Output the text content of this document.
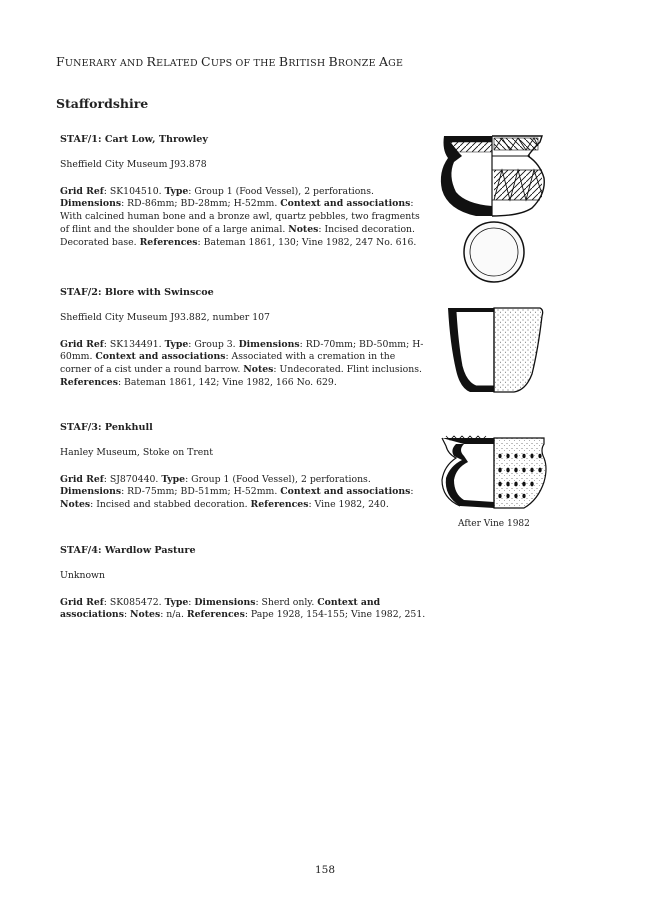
FUNERARY AND RELATED CUPS OF THE BRITISH BRONZE AGE
Staffordshire
STAF/1: Cart Low, Throwley
Sheffield City Museum J93.878
Grid Ref: SK104510. Type: Group 1 (Food Vessel), 2 perforations. Dimensions: RD-86mm; BD-28mm; H-52mm. Context and associations: With calcined human bone and a bronze awl, quartz pebbles, two fragments of flint and the shoulder bone of a large animal. Notes: Incised decoration. Decorated base. References: Bateman 1861, 130; Vine 1982, 247 No. 616.
STAF/2: Blore with Swinscoe
Sheffield City Museum J93.882, number 107
Grid Ref: SK134491. Type: Group 3. Dimensions: RD-70mm; BD-50mm; H- 60mm. Context and associations: Associated with a cremation in the corner of a cist under a round barrow. Notes: Undecorated. Flint inclusions. References: Bateman 1861, 142; Vine 1982, 166 No. 629.
STAF/3: Penkhull
Hanley Museum, Stoke on Trent
Grid Ref: SJ870440. Type: Group 1 (Food Vessel), 2 perforations. Dimensions: RD-75mm; BD-51mm; H-52mm. Context and associations: Notes: Incised and stabbed decoration. References: Vine 1982, 240.
STAF/4: Wardlow Pasture
Unknown
Grid Ref: SK085472. Type: Dimensions: Sherd only. Context and associations: Notes: n/a. References: Pape 1928, 154-155; Vine 1982, 251.
After Vine 1982
158
